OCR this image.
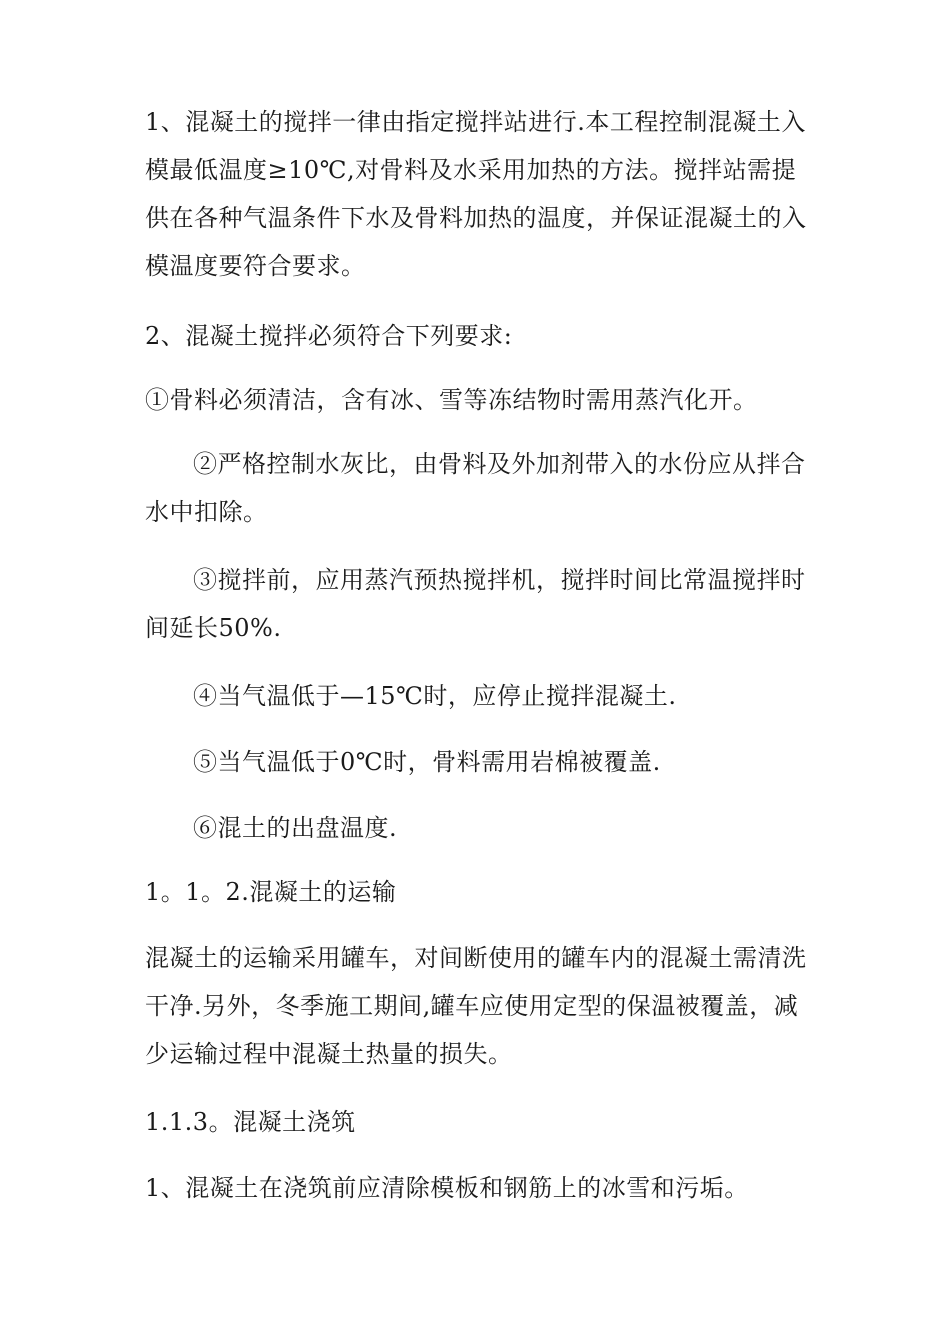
1、混凝土的搅拌一律由指定搅拌站进行.本工程控制混凝土入模最低温度≥10℃,对骨料及水采用加热的方法。搅拌站需提供在各种气温条件下水及骨料加热的温度，并保证混凝土的入模温度要符合要求。

2、混凝土搅拌必须符合下列要求:

①骨料必须清洁，含有冰、雪等冻结物时需用蒸汽化开。

②严格控制水灰比，由骨料及外加剂带入的水份应从拌合水中扣除。

③搅拌前，应用蒸汽预热搅拌机，搅拌时间比常温搅拌时间延长50%.

④当气温低于—15℃时，应停止搅拌混凝土.

⑤当气温低于0℃时，骨料需用岩棉被覆盖.

⑥混土的出盘温度.

1。1。2.混凝土的运输

混凝土的运输采用罐车，对间断使用的罐车内的混凝土需清洗干净.另外，冬季施工期间,罐车应使用定型的保温被覆盖，减少运输过程中混凝土热量的损失。

1.1.3。混凝土浇筑

1、混凝土在浇筑前应清除模板和钢筋上的冰雪和污垢。
